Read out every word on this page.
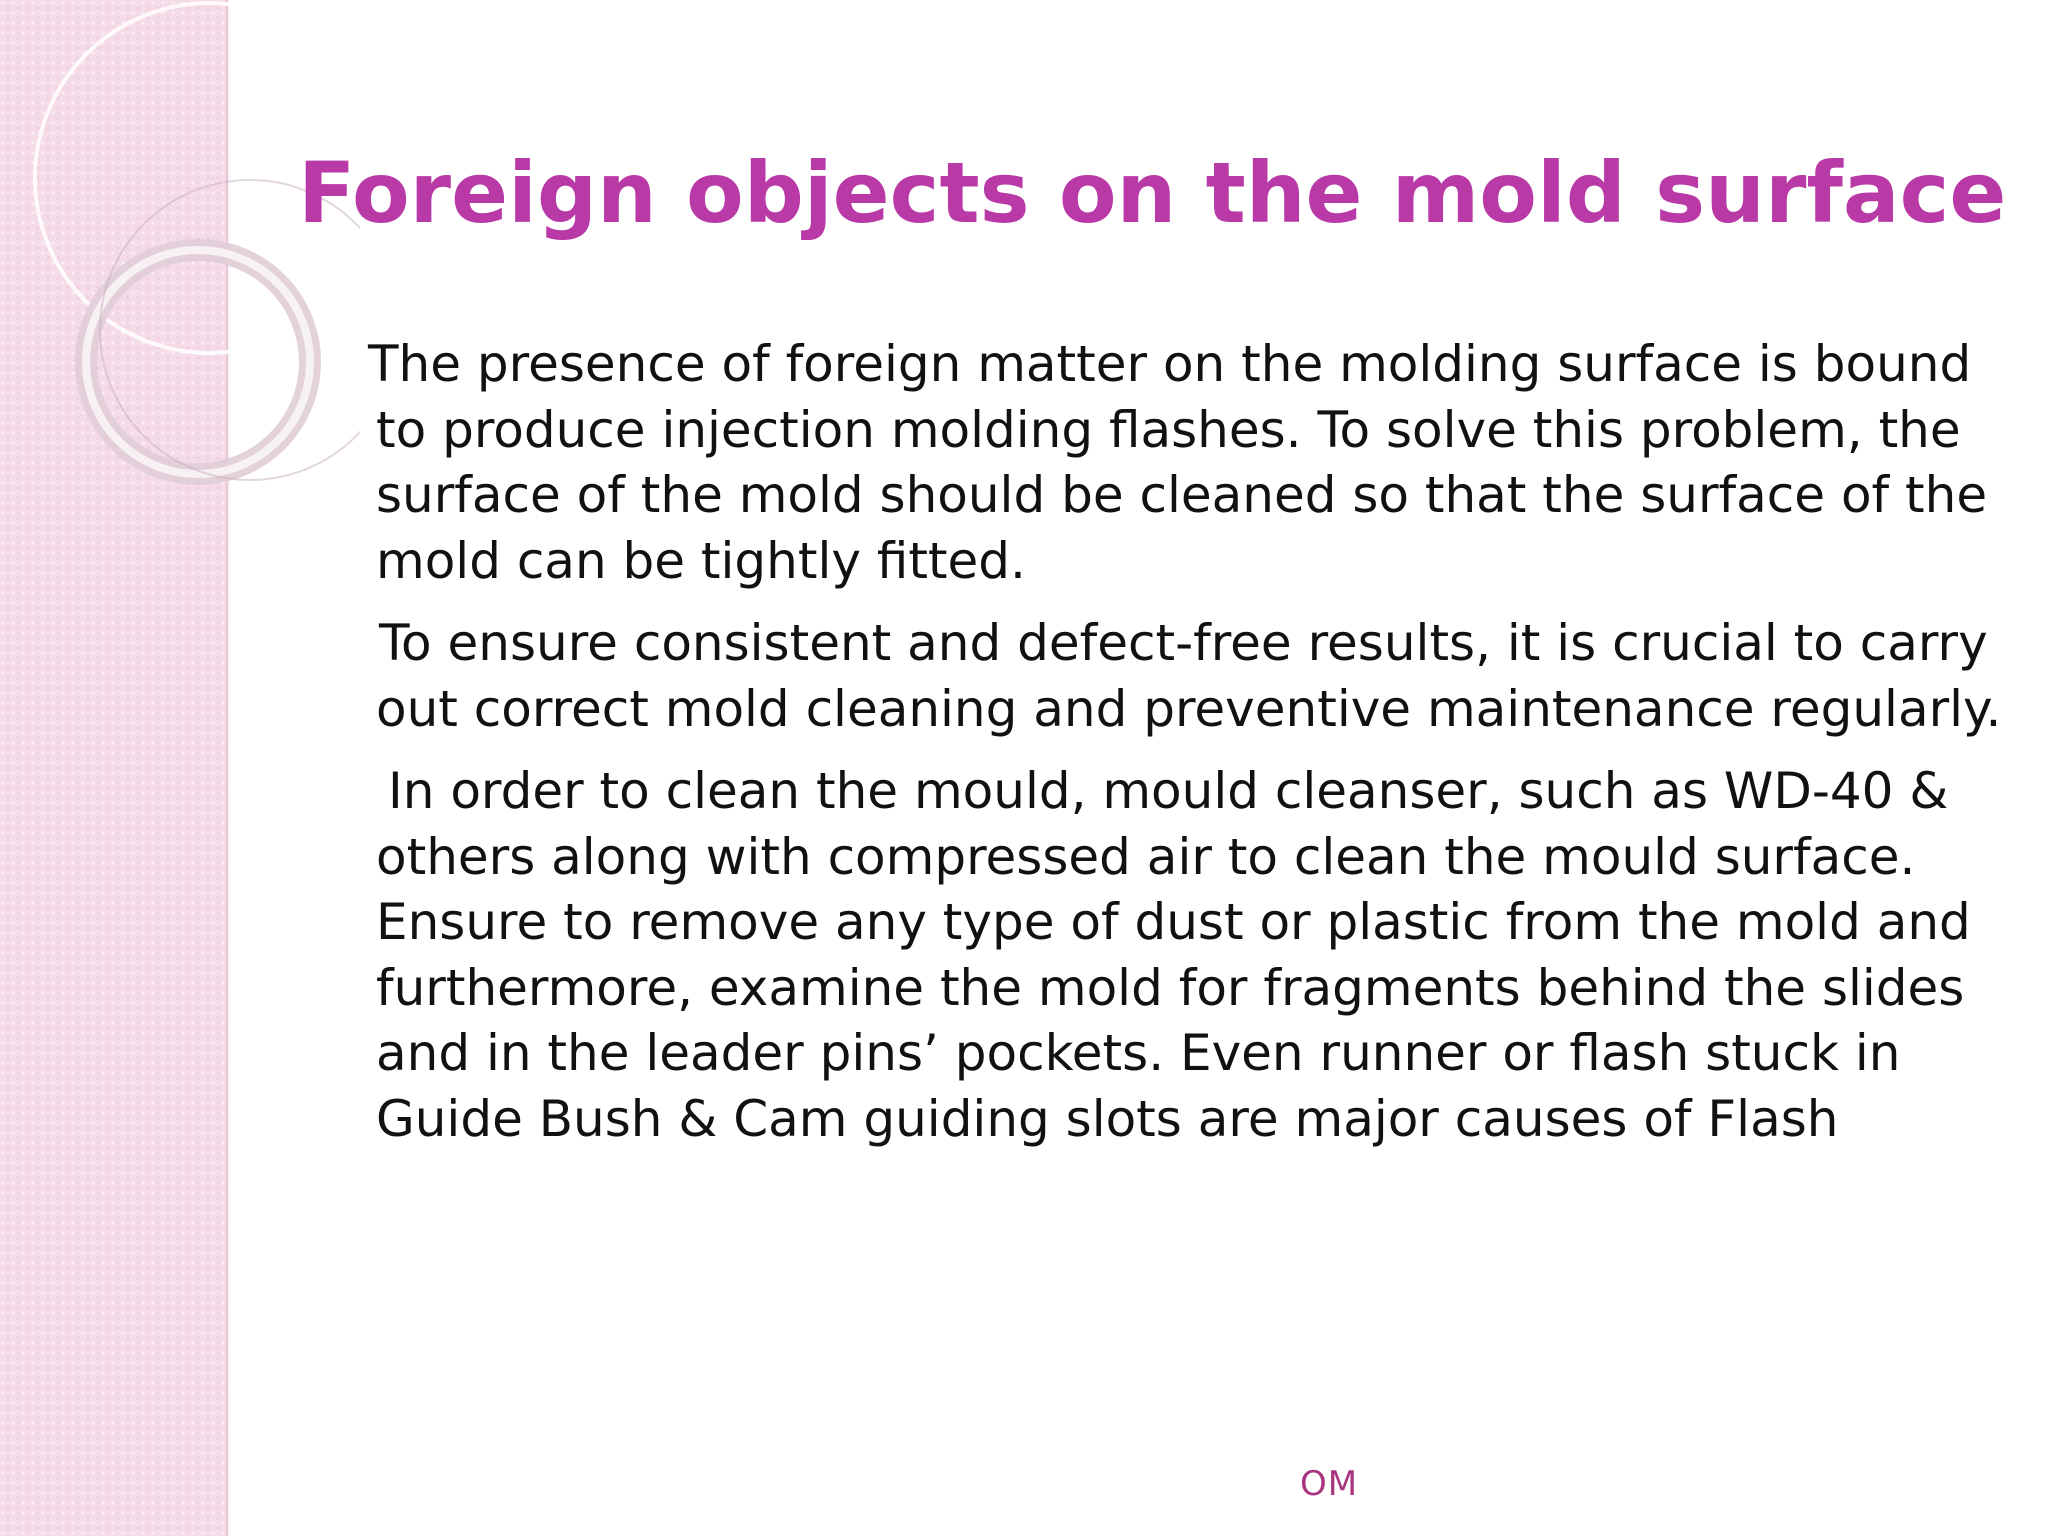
Foreign objects on the mold surface

The presence of foreign matter on the molding surface is bound to produce injection molding flashes. To solve this problem, the surface of the mold should be cleaned so that the surface of the mold can be tightly fitted.

To ensure consistent and defect-free results, it is crucial to carry out correct mold cleaning and preventive maintenance regularly.

In order to clean the mould, mould cleanser, such as WD-40 & others along with compressed air to clean the mould surface. Ensure to remove any type of dust or plastic from the mold and furthermore, examine the mold for fragments behind the slides and in the leader pins’ pockets. Even runner or flash stuck in Guide Bush & Cam guiding slots are major causes of Flash

OM
